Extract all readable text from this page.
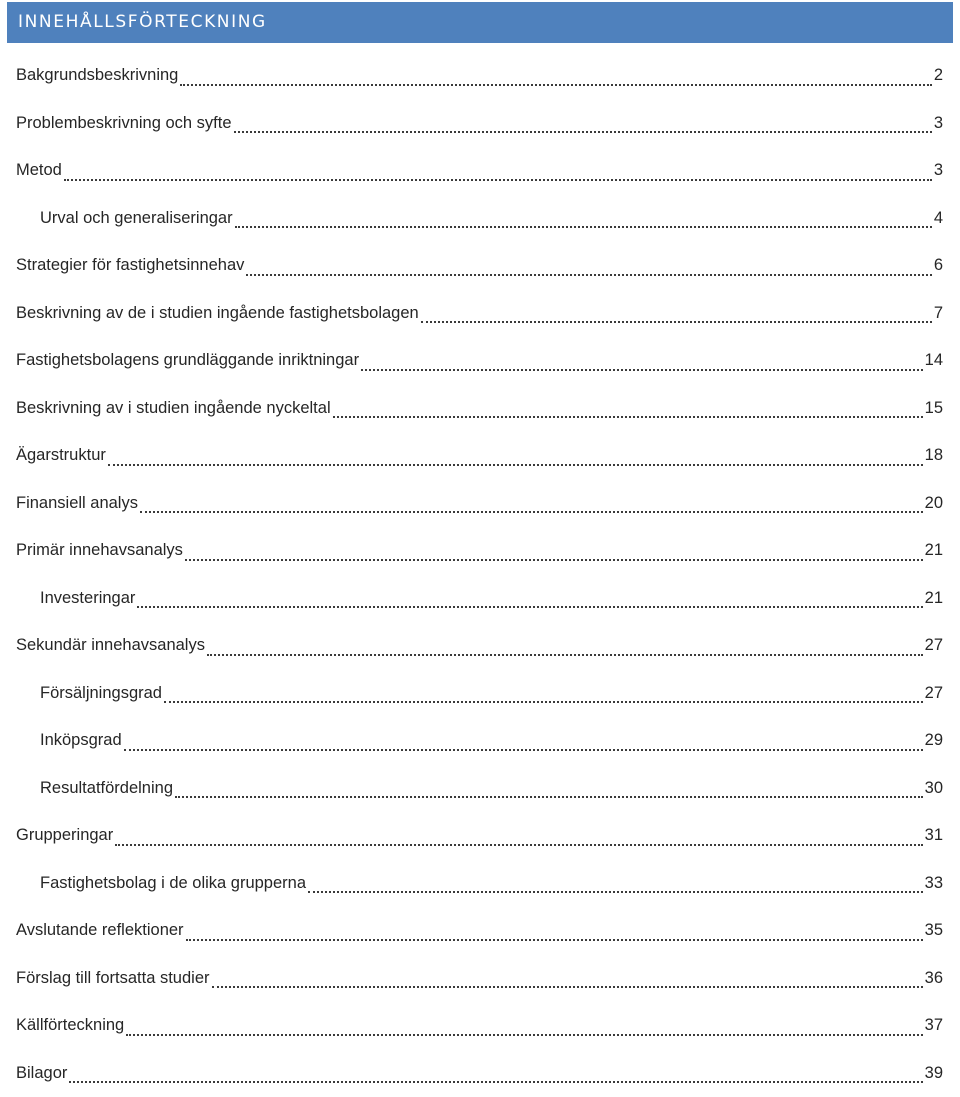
INNEHÅLLSFÖRTECKNING
Bakgrundsbeskrivning	2
Problembeskrivning och syfte	3
Metod	3
Urval och generaliseringar	4
Strategier för fastighetsinnehav	6
Beskrivning av de i studien ingående fastighetsbolagen	7
Fastighetsbolagens grundläggande inriktningar	14
Beskrivning av i studien ingående nyckeltal	15
Ägarstruktur	18
Finansiell analys	20
Primär innehavsanalys	21
Investeringar	21
Sekundär innehavsanalys	27
Försäljningsgrad	27
Inköpsgrad	29
Resultatfördelning	30
Grupperingar	31
Fastighetsbolag i de olika grupperna	33
Avslutande reflektioner	35
Förslag till fortsatta studier	36
Källförteckning	37
Bilagor	39
